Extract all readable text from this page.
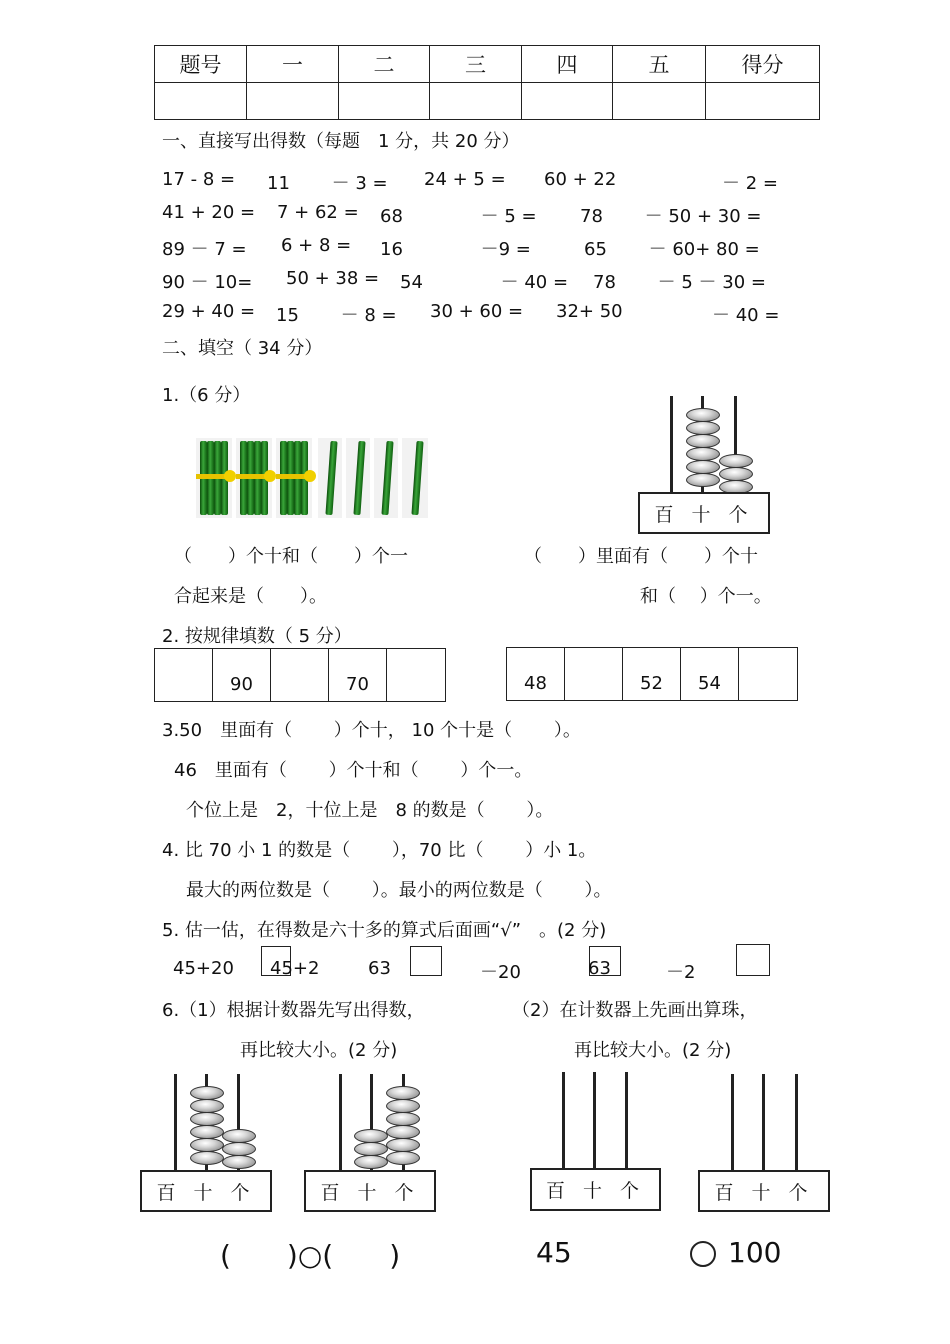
题号	一	二	三	四	五	得分

一、直接写出得数（每题　1 分，共 20 分）
17 - 8 = 11　　 － 3 = 24 + 5 = 60 + 22	－ 2 =
41 + 20 = 7 + 62 = 68　　　　 － 5 = 78　　 － 50 + 30 =
89 － 7 = 6 + 8 = 16　　　　 －9 =	65　　 － 60+ 80 =
90 － 10= 50 + 38 = 54　　　　 － 40 = 78　　 － 5 － 30 =
29 + 40 = 15　　 － 8 = 30 + 60 = 32+ 50	－ 40 =
二、填空（ 34 分）
1.（6 分）
百 十 个
（　　）个十和（　　）个一
合起来是（　　）。
（　　）里面有（　　）个十
和（　 ）个一。
2. 按规律填数（ 5 分）
90	70	48	52	54
3.50　里面有（　　 ）个十， 10 个十是（　　 ）。
46　里面有（　　 ）个十和（　　 ）个一。
个位上是　2，十位上是　8 的数是（　　 ）。
4. 比 70 小 1 的数是（　　 ），70 比（　　 ）小 1。
最大的两位数是（　　 ）。最小的两位数是（　　 ）。
5. 估一估，在得数是六十多的算式后面画“√”　。(2 分)
45+20 45+2	63	－20	63	－2
6.（1）根据计数器先写出得数，
再比较大小。(2 分)
（2）在计数器上先画出算珠，
再比较大小。(2 分)
百 十 个	百 十 个	百 十 个	百 十 个
(　　)○(　　)	45	100
